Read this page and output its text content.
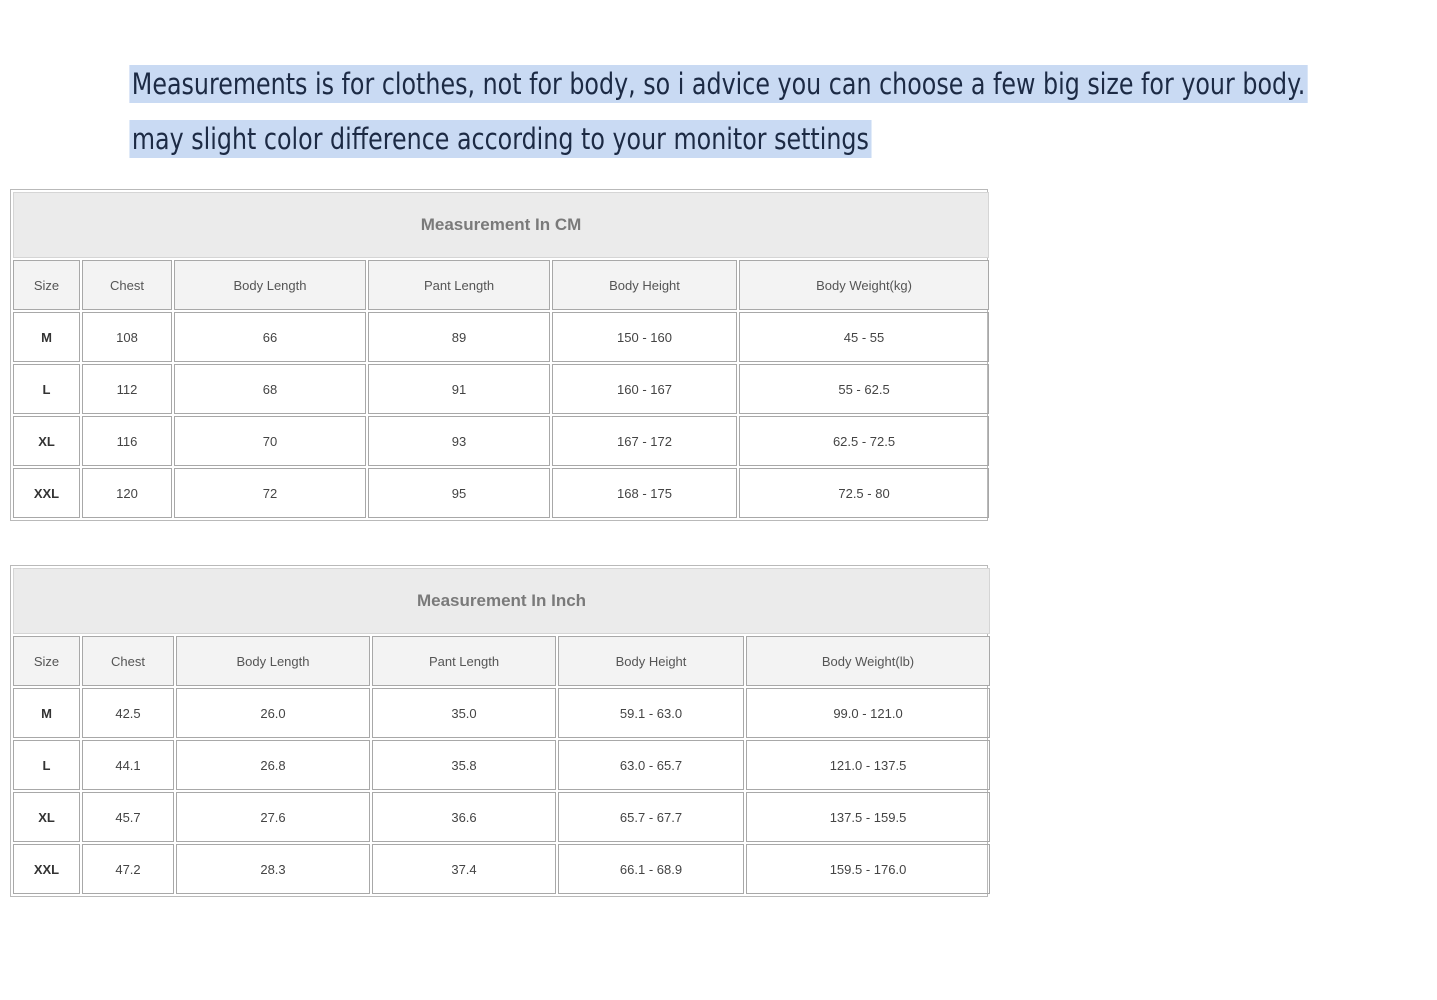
Measurements is for clothes, not for body, so i advice you can choose a few big size for your body.
may slight color difference according to your monitor settings
Measurement In CM					
Size	Chest	Body Length	Pant Length	Body Height	Body Weight(kg)
M	108	66	89	150 - 160	45 - 55
L	112	68	91	160 - 167	55 - 62.5
XL	116	70	93	167 - 172	62.5 - 72.5
XXL	120	72	95	168 - 175	72.5 - 80
Measurement In Inch					
Size	Chest	Body Length	Pant Length	Body Height	Body Weight(lb)
M	42.5	26.0	35.0	59.1 - 63.0	99.0 - 121.0
L	44.1	26.8	35.8	63.0 - 65.7	121.0 - 137.5
XL	45.7	27.6	36.6	65.7 - 67.7	137.5 - 159.5
XXL	47.2	28.3	37.4	66.1 - 68.9	159.5 - 176.0
